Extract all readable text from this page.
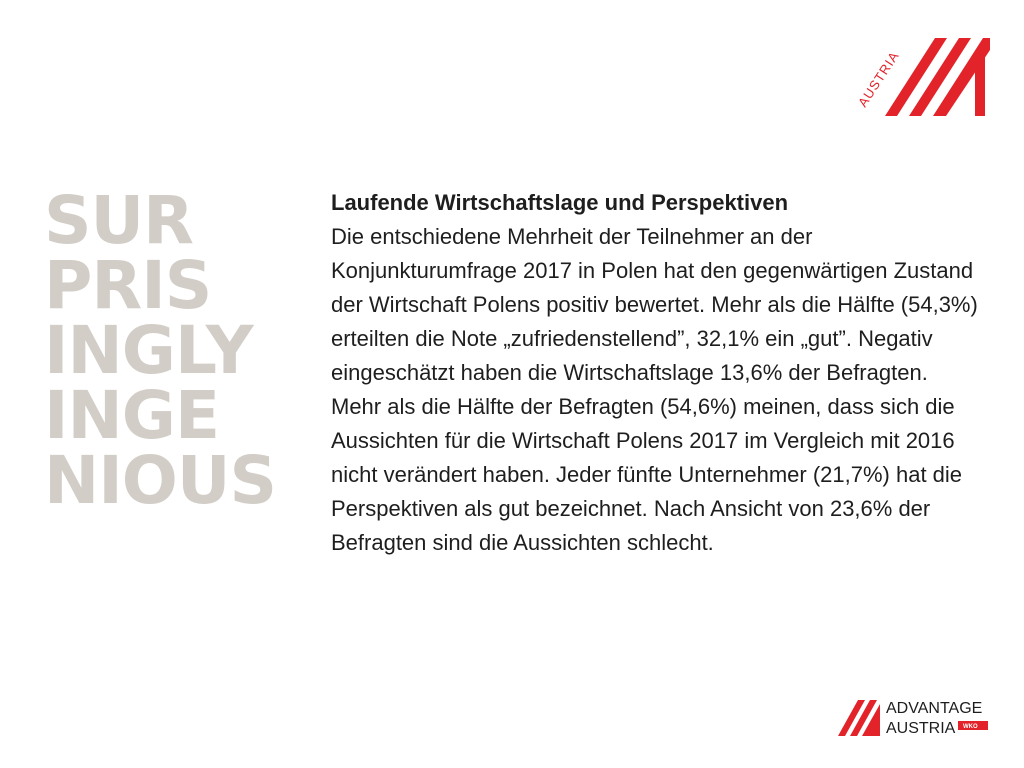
SUR
PRIS
INGLY
INGE
NIOUS
AUSTRIA
Laufende Wirtschaftslage und Perspektiven

Die entschiedene Mehrheit der Teilnehmer an der Konjunkturumfrage 2017 in Polen hat den gegenwärtigen Zustand der Wirtschaft Polens positiv bewertet. Mehr als die Hälfte (54,3%) erteilten die Note „zufriedenstellend”, 32,1% ein „gut”. Negativ eingeschätzt haben die Wirtschaftslage 13,6% der Befragten.

Mehr als die Hälfte der Befragten (54,6%) meinen, dass sich die Aussichten für die Wirtschaft Polens 2017 im Vergleich mit 2016 nicht verändert haben. Jeder fünfte Unternehmer (21,7%) hat die Perspektiven als gut bezeichnet. Nach Ansicht von 23,6% der Befragten sind die Aussichten schlecht.

ADVANTAGE
AUSTRIA WKO
